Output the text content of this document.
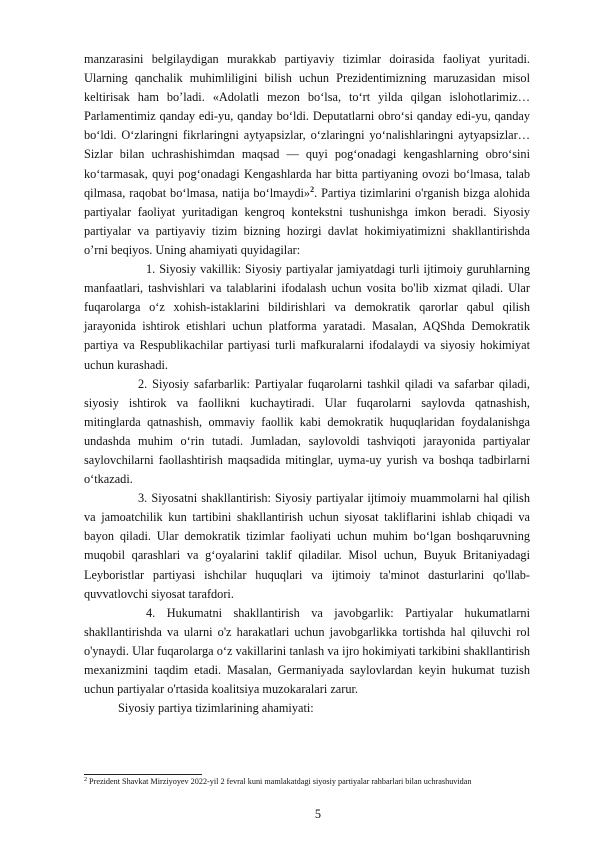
manzarasini belgilaydigan murakkab partiyaviy tizimlar doirasida faoliyat yuritadi. Ularning qanchalik muhimliligini bilish uchun Prezidentimizning maruzasidan misol keltirisak ham bo’ladi. «Adolatli mezon bo‘lsa, to‘rt yilda qilgan islohotlarimiz… Parlamentimiz qanday edi-yu, qanday bo‘ldi. Deputatlarni obro‘si qanday edi-yu, qanday bo‘ldi. O‘zlaringni fikrlaringni aytyapsizlar, o‘zlaringni yo‘nalishlaringni aytyapsizlar… Sizlar bilan uchrashishimdan maqsad — quyi pog‘onadagi kengashlarning obro‘sini ko‘tarmasak, quyi pog‘onadagi Kengashlarda har bitta partiyaning ovozi bo‘lmasa, talab qilmasa, raqobat bo‘lmasa, natija bo‘lmaydi»$^2$. Partiya tizimlarini o'rganish bizga alohida partiyalar faoliyat yuritadigan kengroq kontekstni tushunishga imkon beradi. Siyosiy partiyalar va partiyaviy tizim bizning hozirgi davlat hokimiyatimizni shakllantirishda o’rni beqiyos. Uning ahamiyati quyidagilar:

1. Siyosiy vakillik: Siyosiy partiyalar jamiyatdagi turli ijtimoiy guruhlarning manfaatlari, tashvishlari va talablarini ifodalash uchun vosita bo'lib xizmat qiladi. Ular fuqarolarga o‘z xohish-istaklarini bildirishlari va demokratik qarorlar qabul qilish jarayonida ishtirok etishlari uchun platforma yaratadi. Masalan, AQShda Demokratik partiya va Respublikachilar partiyasi turli mafkuralarni ifodalaydi va siyosiy hokimiyat uchun kurashadi.

2. Siyosiy safarbarlik: Partiyalar fuqarolarni tashkil qiladi va safarbar qiladi, siyosiy ishtirok va faollikni kuchaytiradi. Ular fuqarolarni saylovda qatnashish, mitinglarda qatnashish, ommaviy faollik kabi demokratik huquqlaridan foydalanishga undashda muhim o‘rin tutadi. Jumladan, saylovoldi tashviqoti jarayonida partiyalar saylovchilarni faollashtirish maqsadida mitinglar, uyma-uy yurish va boshqa tadbirlarni o‘tkazadi.

3. Siyosatni shakllantirish: Siyosiy partiyalar ijtimoiy muammolarni hal qilish va jamoatchilik kun tartibini shakllantirish uchun siyosat takliflarini ishlab chiqadi va bayon qiladi. Ular demokratik tizimlar faoliyati uchun muhim bo‘lgan boshqaruvning muqobil qarashlari va g‘oyalarini taklif qiladilar. Misol uchun, Buyuk Britaniyadagi Leyboristlar partiyasi ishchilar huquqlari va ijtimoiy ta'minot dasturlarini qo'llab-quvvatlovchi siyosat tarafdori.

4. Hukumatni shakllantirish va javobgarlik: Partiyalar hukumatlarni shakllantirishda va ularni o'z harakatlari uchun javobgarlikka tortishda hal qiluvchi rol o'ynaydi. Ular fuqarolarga o‘z vakillarini tanlash va ijro hokimiyati tarkibini shakllantirish mexanizmini taqdim etadi. Masalan, Germaniyada saylovlardan keyin hukumat tuzish uchun partiyalar o'rtasida koalitsiya muzokaralari zarur.

Siyosiy partiya tizimlarining ahamiyati:

$^2$ Prezident Shavkat Mirziyoyev 2022-yil 2 fevral kuni mamlakatdagi siyosiy partiyalar rahbarlari bilan uchrashuvidan
5
